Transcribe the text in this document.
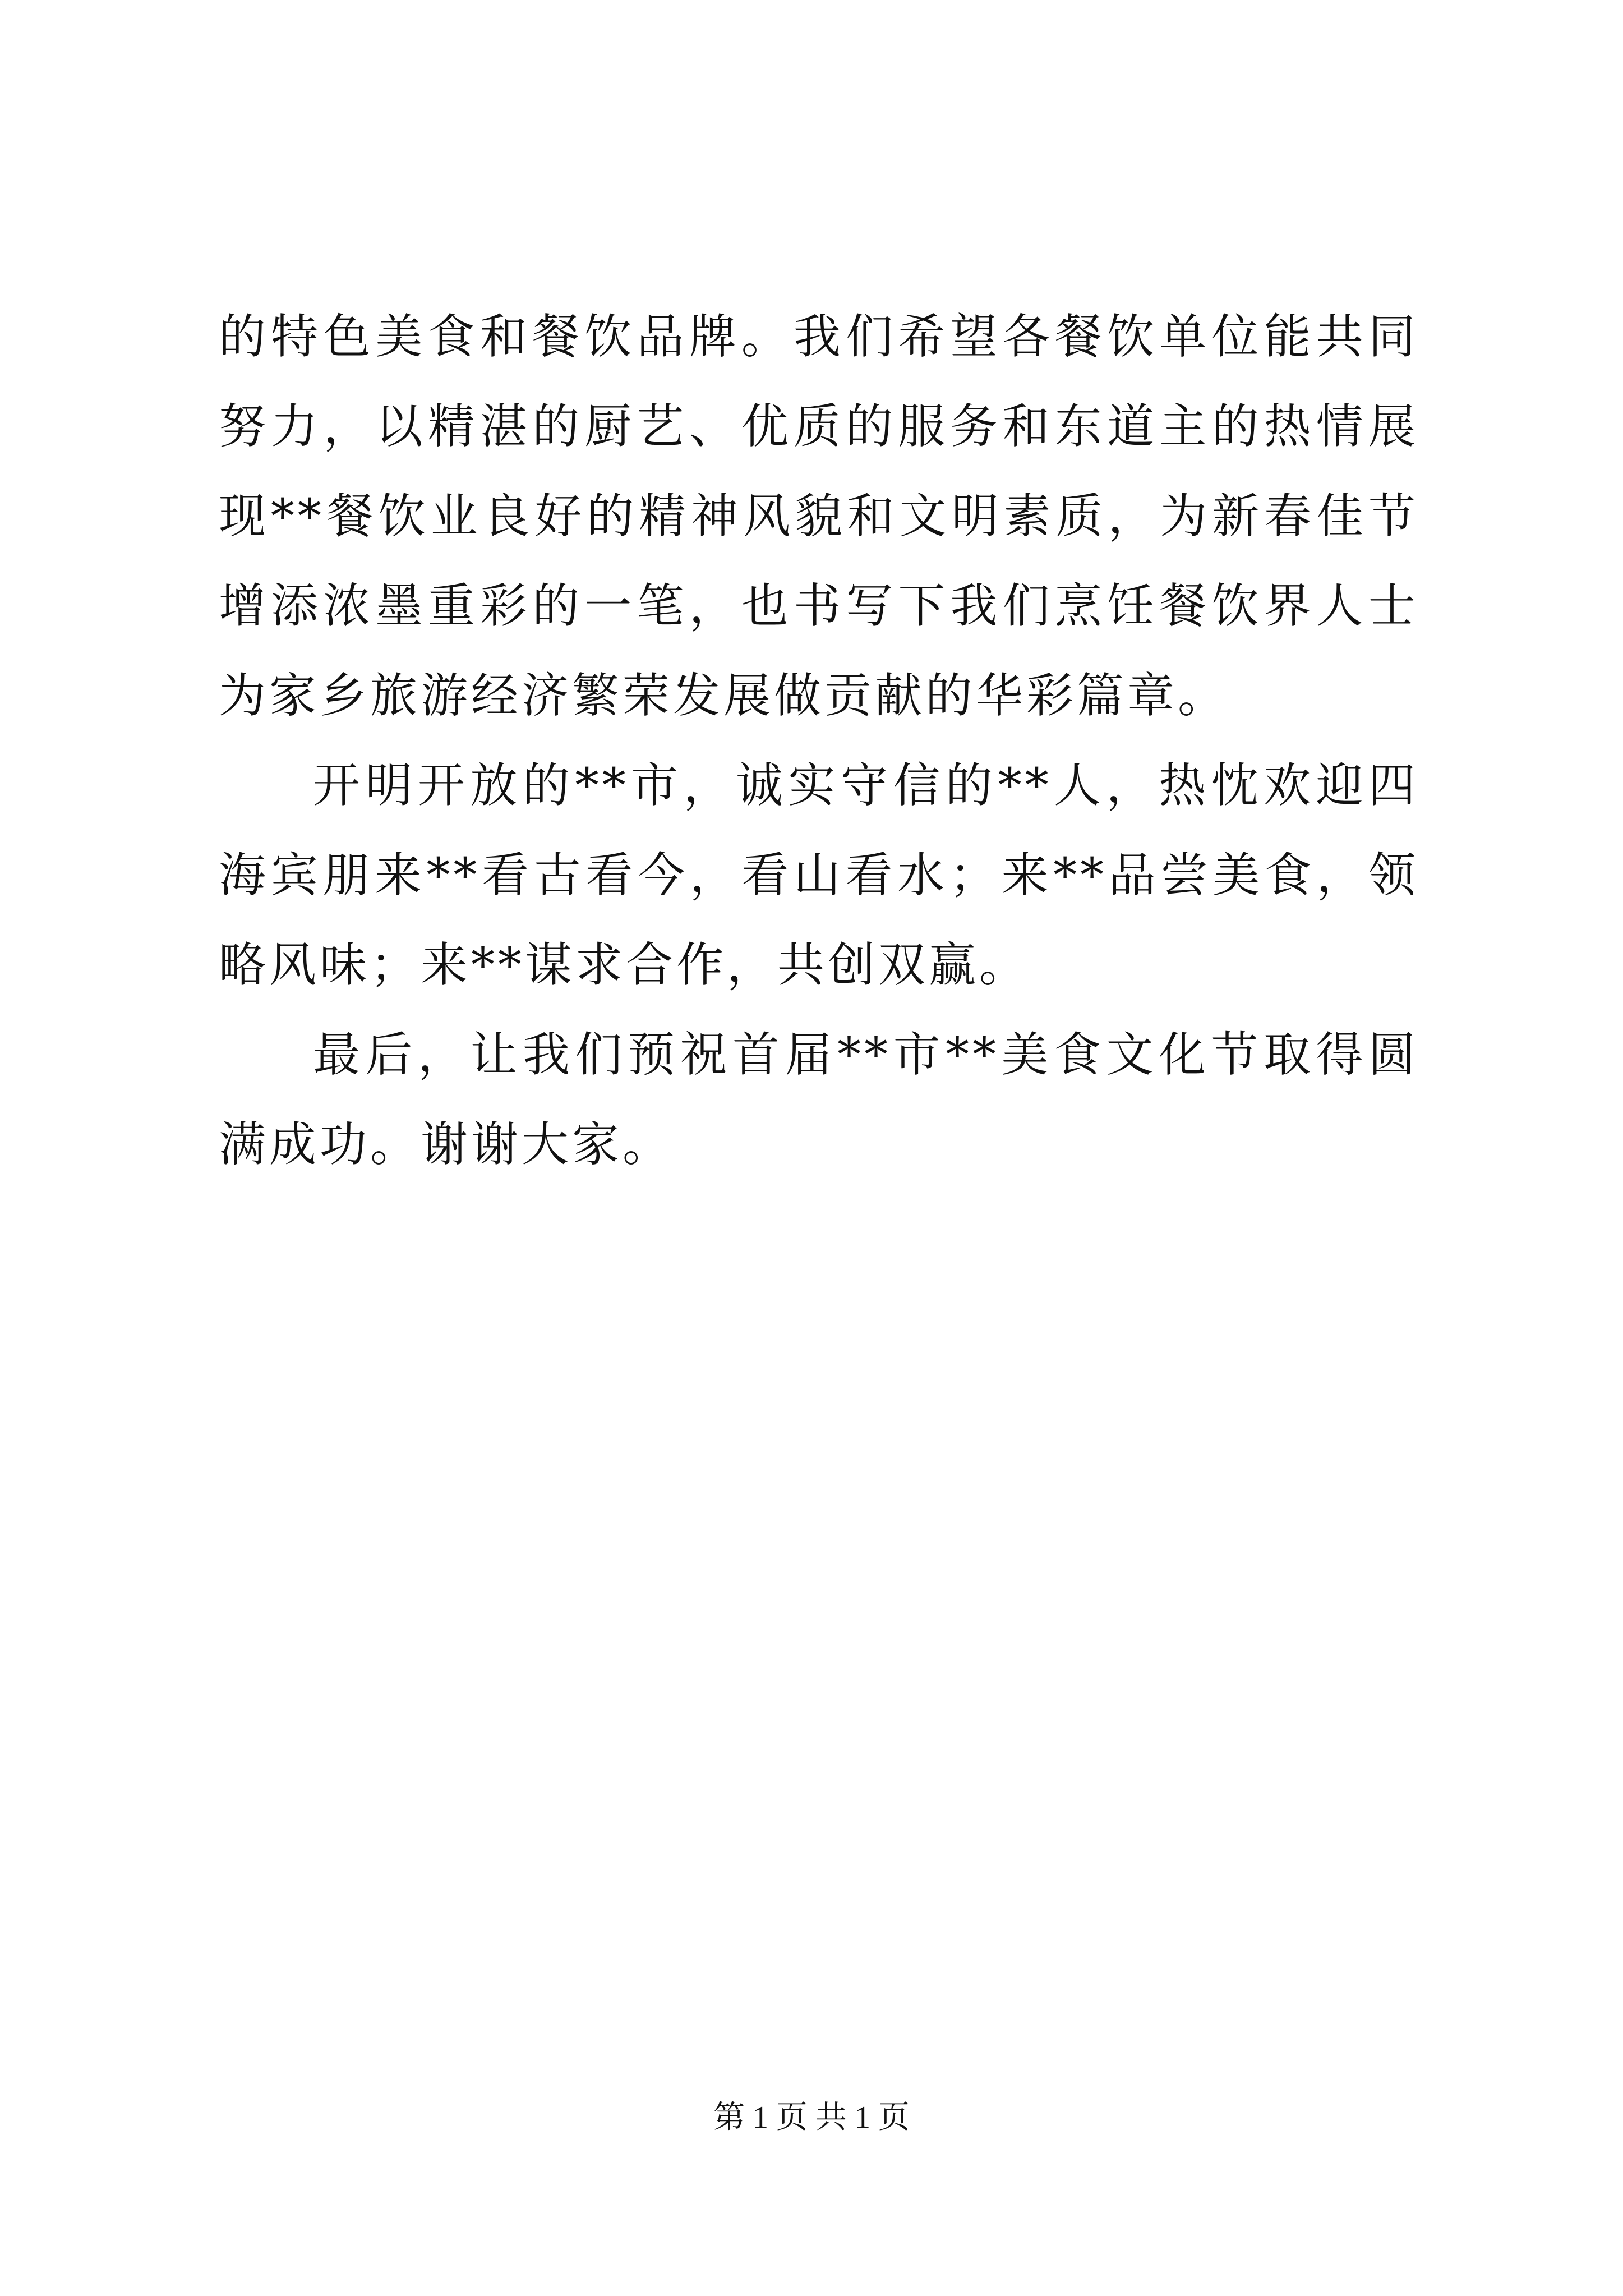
的特色美食和餐饮品牌。我们希望各餐饮单位能共同努力，以精湛的厨艺、优质的服务和东道主的热情展现**餐饮业良好的精神风貌和文明素质，为新春佳节增添浓墨重彩的一笔，也书写下我们烹饪餐饮界人士为家乡旅游经济繁荣发展做贡献的华彩篇章。

开明开放的**市，诚实守信的**人，热忱欢迎四海宾朋来**看古看今，看山看水；来**品尝美食，领略风味；来**谋求合作，共创双赢。

最后，让我们预祝首届**市**美食文化节取得圆满成功。谢谢大家。

第 1 页 共 1 页
